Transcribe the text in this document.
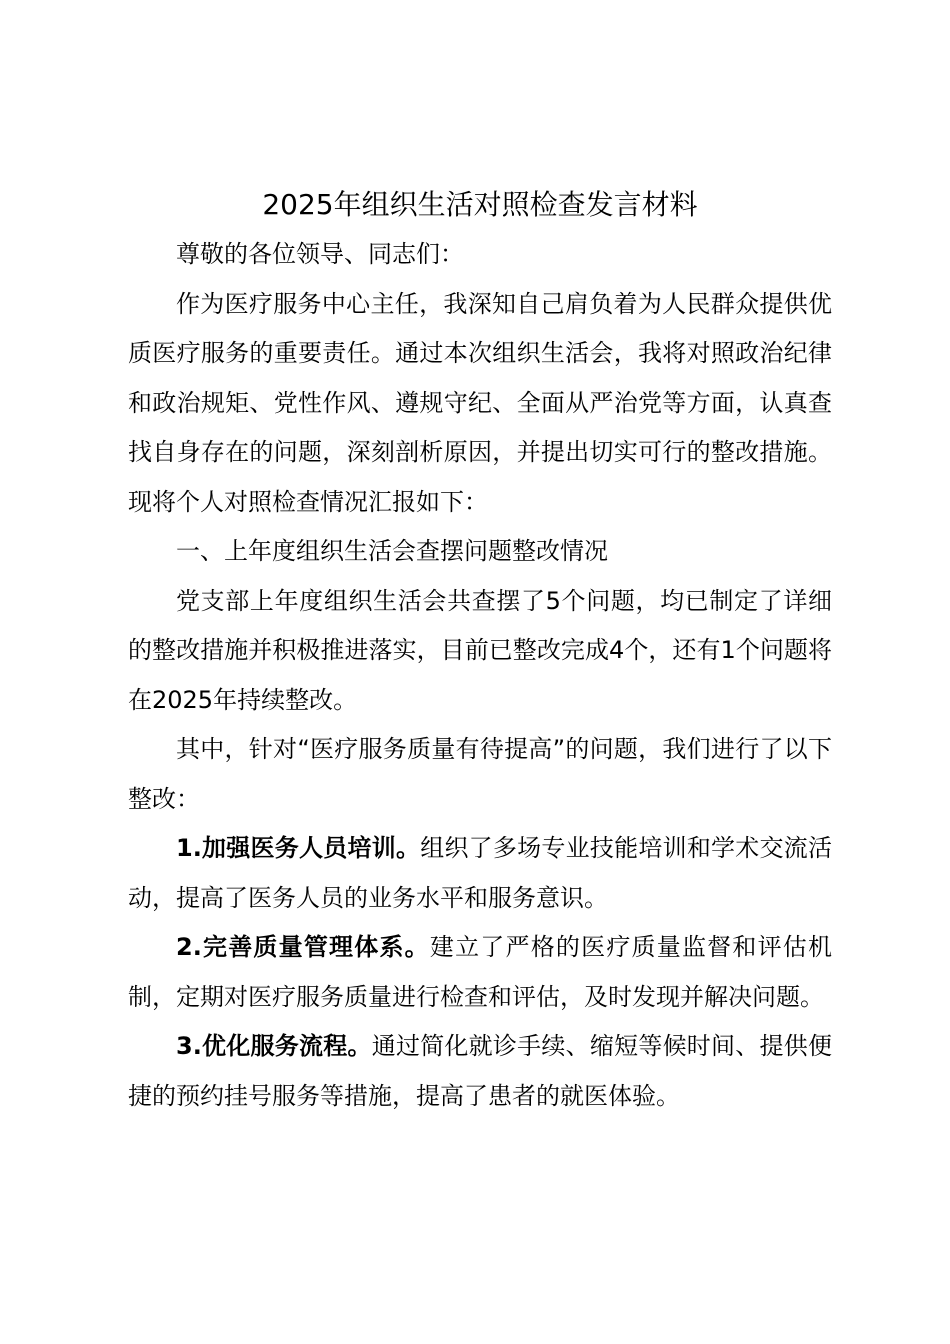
2025年组织生活对照检查发言材料

尊敬的各位领导、同志们：

作为医疗服务中心主任，我深知自己肩负着为人民群众提供优质医疗服务的重要责任。通过本次组织生活会，我将对照政治纪律和政治规矩、党性作风、遵规守纪、全面从严治党等方面，认真查找自身存在的问题，深刻剖析原因，并提出切实可行的整改措施。现将个人对照检查情况汇报如下：

一、上年度组织生活会查摆问题整改情况

党支部上年度组织生活会共查摆了5个问题，均已制定了详细的整改措施并积极推进落实，目前已整改完成4个，还有1个问题将在2025年持续整改。

其中，针对“医疗服务质量有待提高”的问题，我们进行了以下整改：

1.加强医务人员培训。组织了多场专业技能培训和学术交流活动，提高了医务人员的业务水平和服务意识。

2.完善质量管理体系。建立了严格的医疗质量监督和评估机制，定期对医疗服务质量进行检查和评估，及时发现并解决问题。

3.优化服务流程。通过简化就诊手续、缩短等候时间、提供便捷的预约挂号服务等措施，提高了患者的就医体验。
